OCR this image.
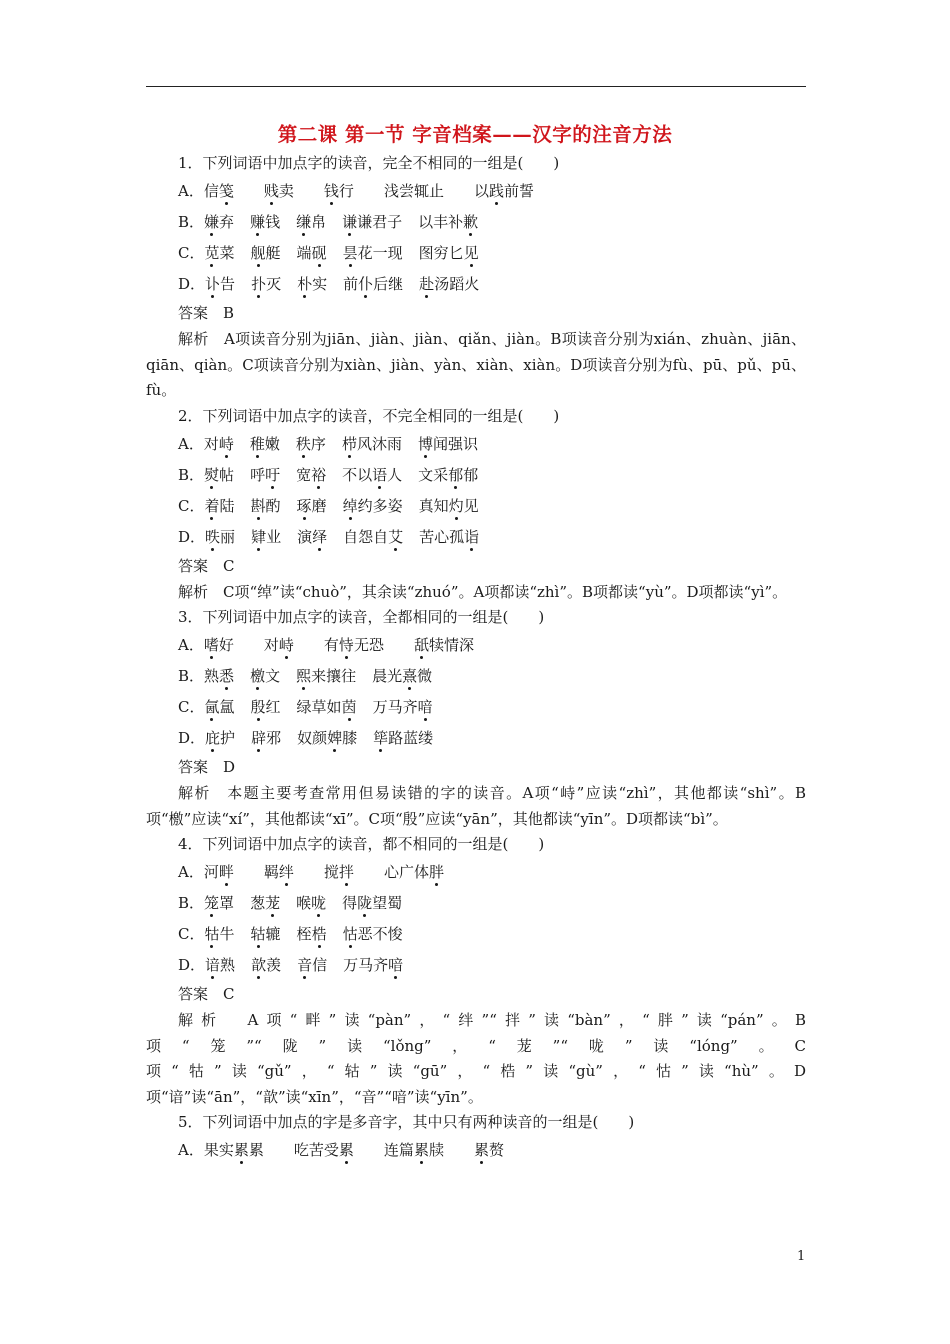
第二课 第一节 字音档案——汉字的注音方法
1．下列词语中加点字的读音，完全不相同的一组是(　　)
A．信笺 贱卖 钱行 浅尝辄止 以践前誓
B．嫌弃 赚钱 缣帛 谦谦君子 以丰补歉
C．苋菜 舰艇 端砚 昙花一现 图穷匕见
D．讣告 扑灭 朴实 前仆后继 赴汤蹈火
答案　B
解析　A项读音分别为jiān、jiàn、jiàn、qiǎn、jiàn。B项读音分别为xián、zhuàn、jiān、qiān、qiàn。C项读音分别为xiàn、jiàn、yàn、xiàn、xiàn。D项读音分别为fù、pū、pǔ、pū、fù。
2．下列词语中加点字的读音，不完全相同的一组是(　　)
A．对峙 稚嫩 秩序 栉风沐雨 博闻强识
B．熨帖 呼吁 宽裕 不以语人 文采郁郁
C．着陆 斟酌 琢磨 绰约多姿 真知灼见
D．昳丽 肄业 演绎 自怨自艾 苦心孤诣
答案　C
解析　C项“绰”读“chuò”，其余读“zhuó”。A项都读“zhì”。B项都读“yù”。D项都读“yì”。
3．下列词语中加点字的读音，全都相同的一组是(　　)
A．嗜好 对峙 有恃无恐 舐犊情深
B．熟悉 檄文 熙来攘往 晨光熹微
C．氤氲 殷红 绿草如茵 万马齐喑
D．庇护 辟邪 奴颜婢膝 筚路蓝缕
答案　D
解析　本题主要考查常用但易读错的字的读音。A项“峙”应读“zhì”，其他都读“shì”。B项“檄”应读“xí”，其他都读“xī”。C项“殷”应读“yān”，其他都读“yīn”。D项都读“bì”。
4．下列词语中加点字的读音，都不相同的一组是(　　)
A．河畔 羁绊 搅拌 心广体胖
B．笼罩 葱茏 喉咙 得陇望蜀
C．牯牛 轱辘 桎梏 怙恶不悛
D．谙熟 歆羡 音信 万马齐喑
答案　C
解析　A项“畔”读“pàn”，“绊”“拌”读“bàn”，“胖”读“pán”。B项“笼”“陇”读“lǒng”，“茏”“咙”读“lóng”。C项“牯”读“gǔ”，“轱”读“gū”，“梏”读“gù”，“怙”读“hù”。D项“谙”读“ān”，“歆”读“xīn”，“音”“喑”读“yīn”。
5．下列词语中加点的字是多音字，其中只有两种读音的一组是(　　)
A．果实累累 吃苦受累 连篇累牍 累赘
1
